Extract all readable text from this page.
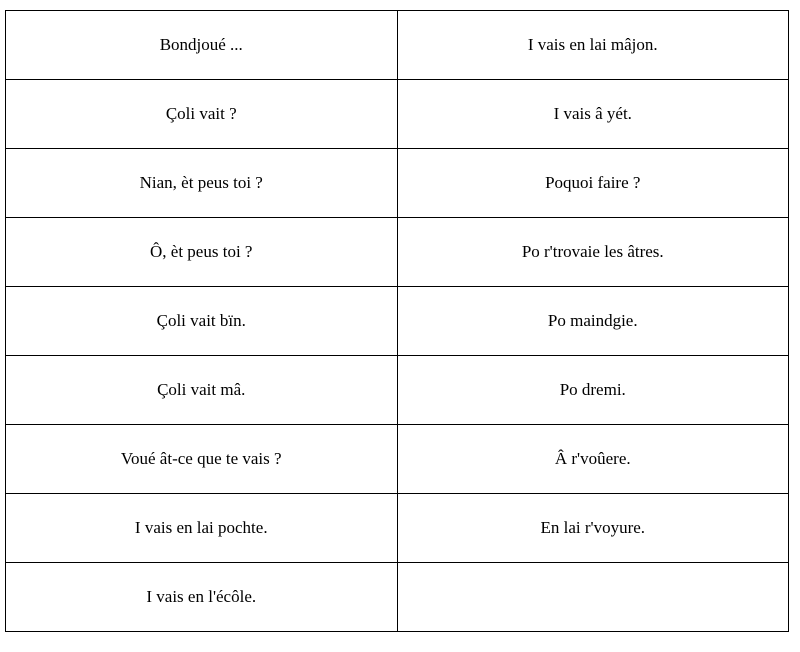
Bondjoué ...	I vais en lai mâjon.
Çoli vait ?	I vais â yét.
Nian, èt peus toi ?	Poquoi faire ?
Ô, èt peus toi ?	Po r'trovaie les âtres.
Çoli vait bïn.	Po maindgie.
Çoli vait mâ.	Po dremi.
Voué ât-ce que te vais ?	Â r'voûere.
I vais en lai pochte.	En lai r'voyure.
I vais en l'écôle.	
